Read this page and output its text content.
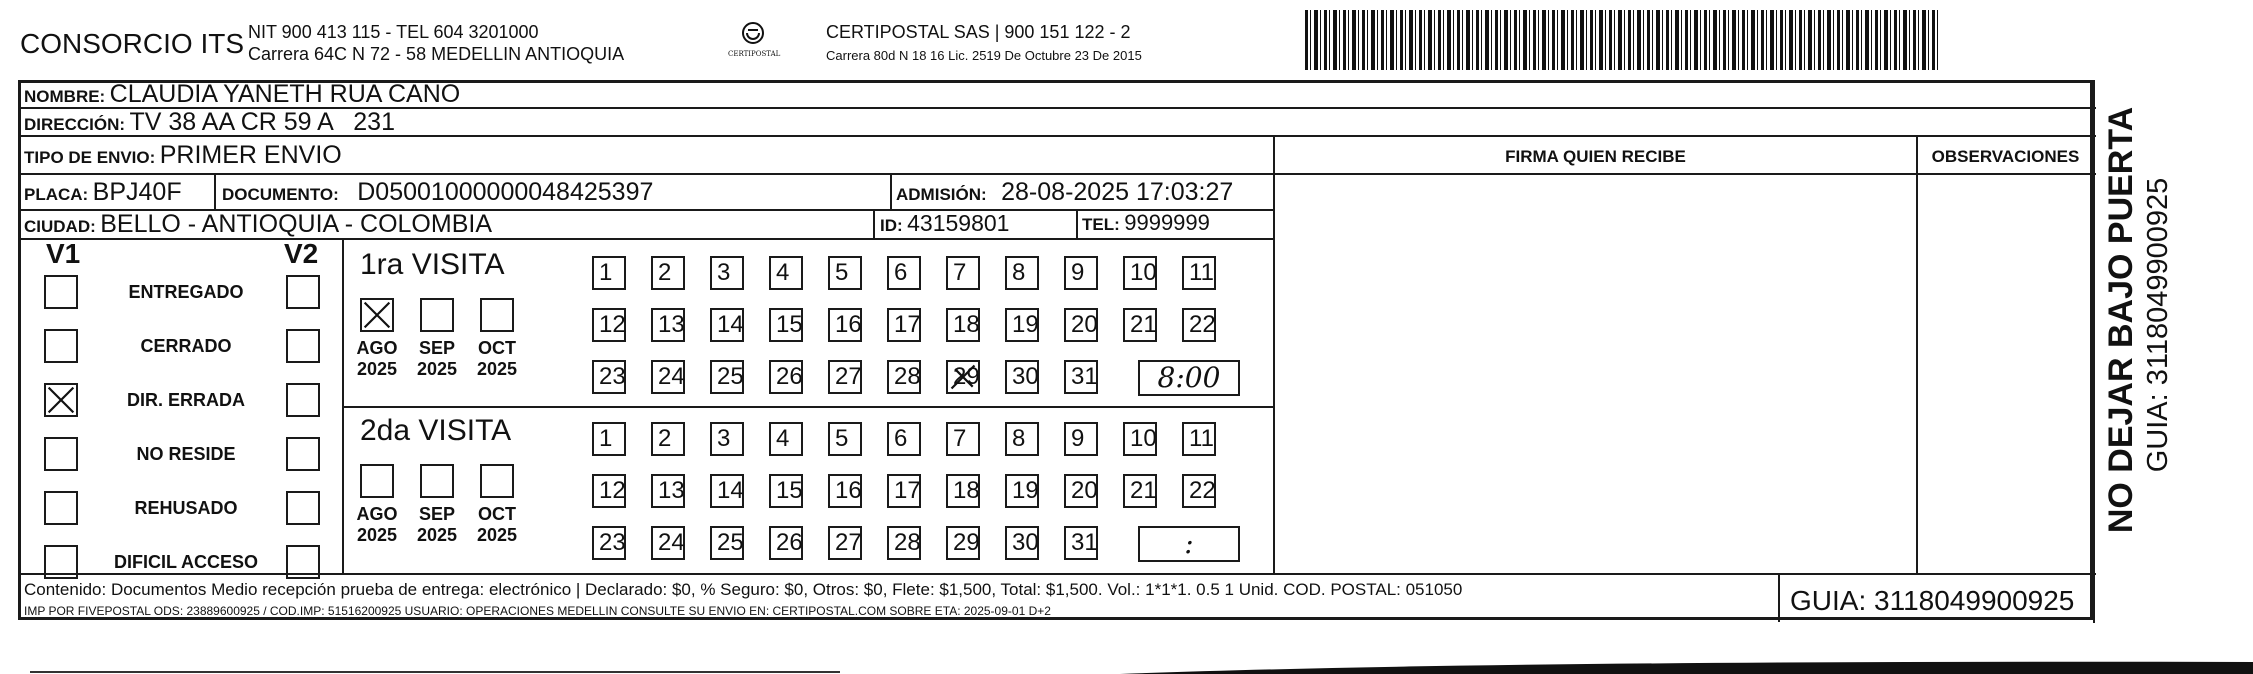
CONSORCIO ITS NIT 900 413 115 - TEL 604 3201000
Carrera 64C N 72 - 58 MEDELLIN ANTIOQUIA	CERTIPOSTAL
CERTIPOSTAL SAS | 900 151 122 - 2
Carrera 80d N 18 16 Lic. 2519 De Octubre 23 De 2015
NOMBRE: CLAUDIA YANETH RUA CANO
DIRECCIÓN: TV 38 AA CR 59 A   231
TIPO DE ENVIO: PRIMER ENVIO	FIRMA QUIEN RECIBE	OBSERVACIONES
PLACA: BPJ40F DOCUMENTO: D05001000000048425397	ADMISIÓN: 28-08-2025 17:03:27
CIUDAD: BELLO - ANTIOQUIA - COLOMBIA	ID: 43159801	TEL: 9999999
V1	V2
ENTREGADO
CERRADO
DIR. ERRADA
NO RESIDE
REHUSADO
DIFICIL ACCESO
1ra VISITA
AGO
2025
SEP
2025
OCT
2025
1	2	3	4	5	6	7	8	9	10 11
12 13 14 15 16 17 18 19 20 21 22
23 24 25 26 27 28 29 30 31	8:00
2da VISITA
AGO
2025
SEP
2025
OCT
2025
1	2	3	4	5	6	7	8	9	10 11
12 13 14 15 16 17 18 19 20 21 22
23 24 25 26 27 28 29 30 31	:
Contenido: Documentos Medio recepción prueba de entrega: electrónico | Declarado: $0, % Seguro: $0, Otros: $0, Flete: $1,500, Total: $1,500. Vol.: 1*1*1. 0.5 1 Unid. COD. POSTAL: 051050
IMP POR FIVEPOSTAL ODS: 23889600925 / COD.IMP: 51516200925 USUARIO: OPERACIONES MEDELLIN CONSULTE SU ENVIO EN: CERTIPOSTAL.COM SOBRE ETA: 2025-09-01 D+2	GUIA: 3118049900925
NO DEJAR BAJO PUERTA GUIA: 3118049900925
